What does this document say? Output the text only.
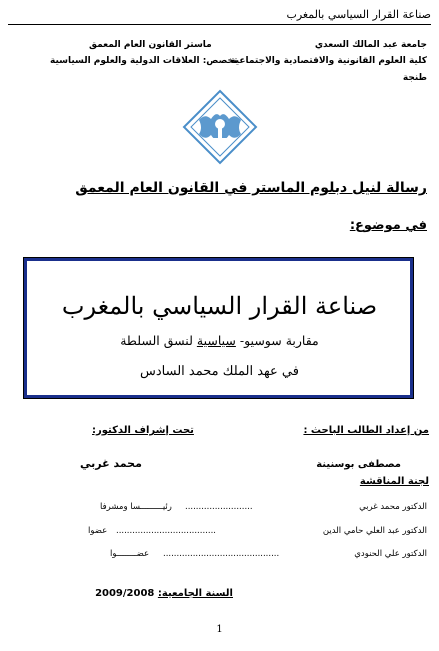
صناعة القرار السياسي بالمغرب
جامعة عبد المالك السعدي
كلية العلوم القانونية والاقتصادية والاجتماعية
طنجة
ماستر القانون العام المعمق
تخصص: العلاقات الدولية والعلوم السياسية
رسالة لنيل دبلوم الماستر في القانون العام المعمق
في موضوع:
صناعة القرار السياسي بالمغرب
مقاربة سوسيو- سياسية لنسق السلطة
في عهد الملك محمد السادس
من إعداد الطالب الباحث :
تحت إشراف الدكتور:
مصطفى بوسنينة
محمد غربي
لجنة المناقشة
الدكتور محمد غربي
.........................
رئيـــــــــسا ومشرفا
الدكتور عبد العلي حامي الدين
.....................................
عضوا
الدكتور علي الحنودي
...........................................
عضــــــــوا
السنة الجامعية: 2009/2008
1
